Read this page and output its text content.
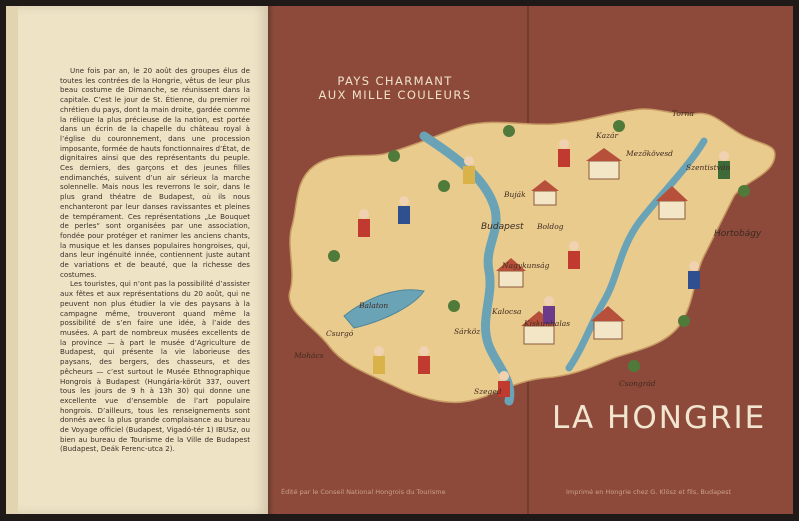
Une fois par an, le 20 août des groupes élus de toutes les contrées de la Hongrie, vêtus de leur plus beau costume de Dimanche, se réunissent dans la capitale. C’est le jour de St. Étienne, du premier roi chrétien du pays, dont la main droite, gardée comme la rélique la plus précieuse de la nation, est portée dans un écrin de la chapelle du château royal à l’église du couronnement, dans une procession imposante, formée de hauts fonctionnaires d’État, de dignitaires ainsi que des représentants du peuple. Ces derniers, des garçons et des jeunes filles endimanchés, suivent d’un air sérieux la marche solennelle. Mais nous les reverrons le soir, dans le plus grand théatre de Budapest, où ils nous enchanteront par leur danses ravissantes et pleines de tempérament. Ces représentations „Le Bouquet de perles“ sont organisées par une association, fondée pour protéger et ranimer les anciens chants, la musique et les danses populaires hongroises, qui, dans leur ingénuité innée, contiennent juste autant de variations et de beauté, que la richesse des costumes.

Les touristes, qui n’ont pas la possibilité d’assister aux fêtes et aux représentations du 20 août, qui ne peuvent non plus étudier la vie des paysans à la campagne même, trouveront quand même la possibilité de s’en faire une idée, à l’aide des musées. A part de nombreux musées excellents de la province — à part le musée d’Agriculture de Budapest, qui présente la vie laborieuse des paysans, des bergers, des chasseurs, et des pêcheurs — c’est surtout le Musée Ethnographique Hongrois à Budapest (Hungária-körút 337, ouvert tous les jours de 9 h à 13h 30) qui donne une excellente vue d’ensemble de l’art populaire hongrois. D’ailleurs, tous les renseignements sont donnés avec la plus grande complaisance au bureau de Voyage officiel (Budapest, Vigadó-tér 1) IBUSz, ou bien au bureau de Tourisme de la Ville de Budapest (Budapest, Deák Ferenc-utca 2).

PAYS CHARMANT
AUX MILLE COULEURS
Torna
Kazár
Mezőkövesd
Szentistván
Buják
Budapest Boldog
Hortobágy
Nagykunság
Balaton
Kalocsa
Kiskunhalas
Sárköz
Csurgó
Mohács
Szeged
Csongrád
LA HONGRIE
Édité par le Conseil National Hongrois du Tourisme	Imprimé en Hongrie chez G. Klösz et fils, Budapest
